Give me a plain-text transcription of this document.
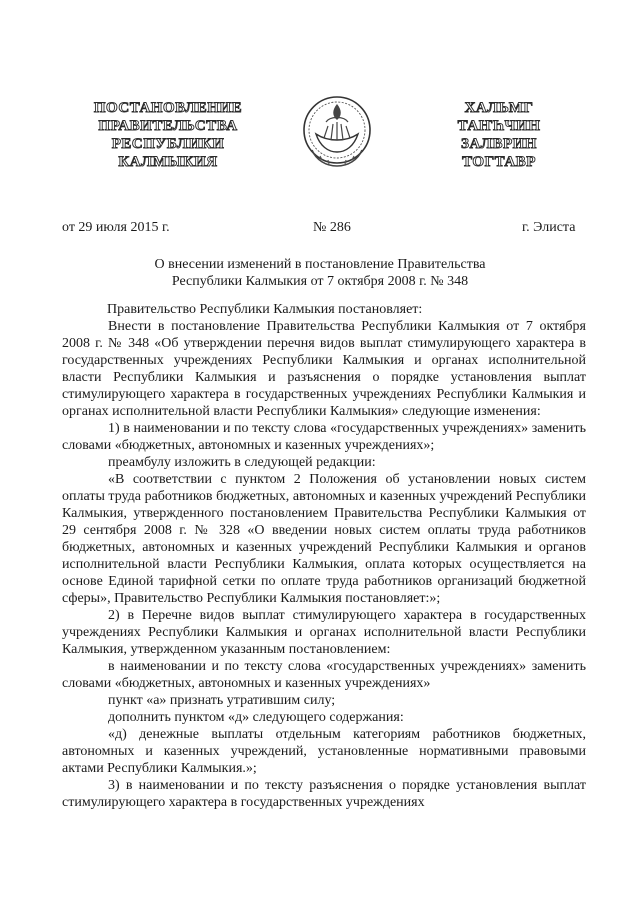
ПОСТАНОВЛЕНИЕ
ПРАВИТЕЛЬСТВА
РЕСПУБЛИКИ
КАЛМЫКИЯ
ХАЛЬМГ
ТАҤҺЧИН
ЗАЛВРИН
ТОГТАВР
от 29 июля 2015 г.	№ 286	г. Элиста
О внесении изменений в постановление Правительства
Республики Калмыкия от 7 октября 2008 г. № 348

Правительство Республики Калмыкия постановляет:

Внести в постановление Правительства Республики Калмыкия от 7 октября 2008 г. № 348 «Об утверждении перечня видов выплат стимулирующего характера в государственных учреждениях Республики Калмыкия и органах исполнительной власти Республики Калмыкия и разъяснения о порядке установления выплат стимулирующего характера в государственных учреждениях Республики Калмыкия и органах исполнительной власти Республики Калмыкия» следующие изменения:

1) в наименовании и по тексту слова «государственных учреждениях» заменить словами «бюджетных, автономных и казенных учреждениях»;

преамбулу изложить в следующей редакции:

«В соответствии с пунктом 2 Положения об установлении новых систем оплаты труда работников бюджетных, автономных и казенных учреждений Республики Калмыкия, утвержденного постановлением Правительства Республики Калмыкия от 29 сентября 2008 г. № 328 «О введении новых систем оплаты труда работников бюджетных, автономных и казенных учреждений Республики Калмыкия и органов исполнительной власти Республики Калмыкия, оплата которых осуществляется на основе Единой тарифной сетки по оплате труда работников организаций бюджетной сферы», Правительство Республики Калмыкия постановляет:»;

2) в Перечне видов выплат стимулирующего характера в государственных учреждениях Республики Калмыкия и органах исполнительной власти Республики Калмыкия, утвержденном указанным постановлением:

в наименовании и по тексту слова «государственных учреждениях» заменить словами «бюджетных, автономных и казенных учреждениях»

пункт «а» признать утратившим силу;

дополнить пунктом «д» следующего содержания:

«д) денежные выплаты отдельным категориям работников бюджетных, автономных и казенных учреждений, установленные нормативными правовыми актами Республики Калмыкия.»;

3) в наименовании и по тексту разъяснения о порядке установления выплат стимулирующего характера в государственных учреждениях
